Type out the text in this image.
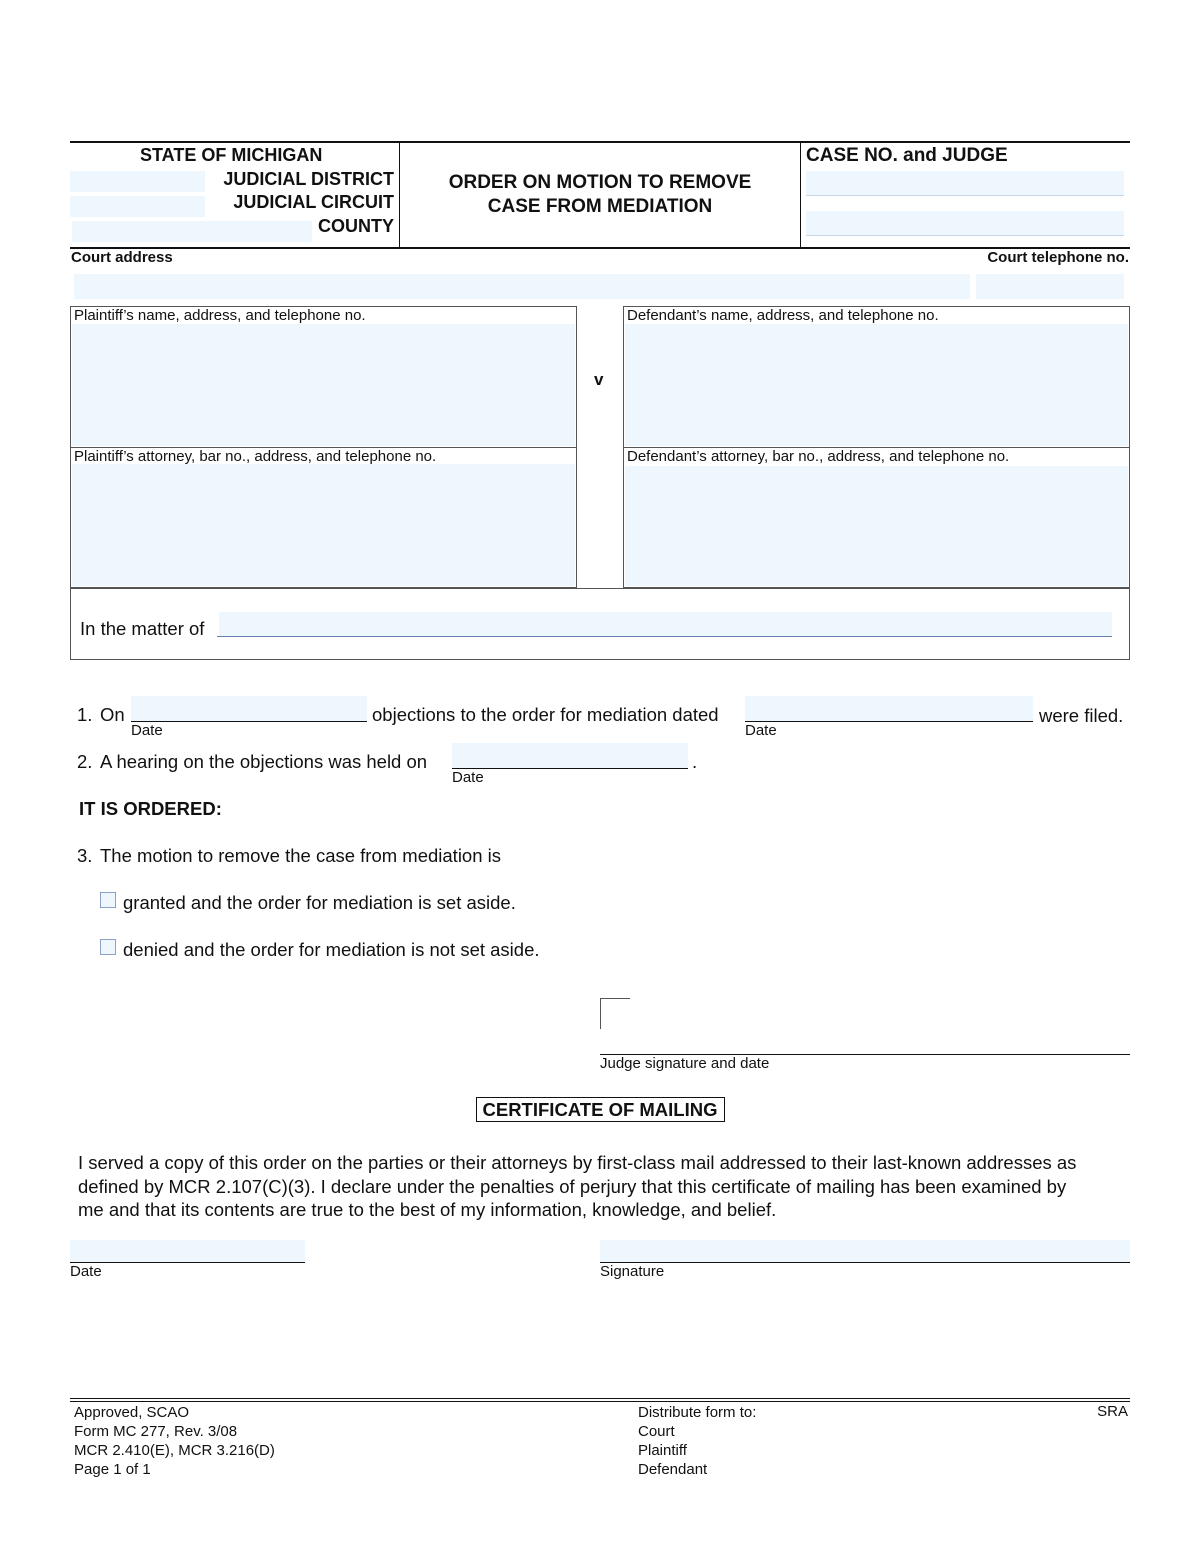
STATE OF MICHIGAN
JUDICIAL DISTRICT
JUDICIAL CIRCUIT
COUNTY
ORDER ON MOTION TO REMOVE
CASE FROM MEDIATION
CASE NO. and JUDGE
Court address	Court telephone no.
Plaintiff’s name, address, and telephone no.
Plaintiff’s attorney, bar no., address, and telephone no.
v
Defendant’s name, address, and telephone no.
Defendant’s attorney, bar no., address, and telephone no.
In the matter of
1. On
Date
objections to the order for mediation dated
Date
were filed.
2. A hearing on the objections was held on
Date
.
IT IS ORDERED:
3. The motion to remove the case from mediation is
granted and the order for mediation is set aside.
denied and the order for mediation is not set aside.
Judge signature and date
CERTIFICATE OF MAILING
I served a copy of this order on the parties or their attorneys by first-class mail addressed to their last-known addresses as
defined by MCR 2.107(C)(3). I declare under the penalties of perjury that this certificate of mailing has been examined by
me and that its contents are true to the best of my information, knowledge, and belief.
Date	Signature
Approved, SCAO
Form MC 277, Rev. 3/08
MCR 2.410(E), MCR 3.216(D)
Page 1 of 1
Distribute form to:
Court
Plaintiff
Defendant
SRA
